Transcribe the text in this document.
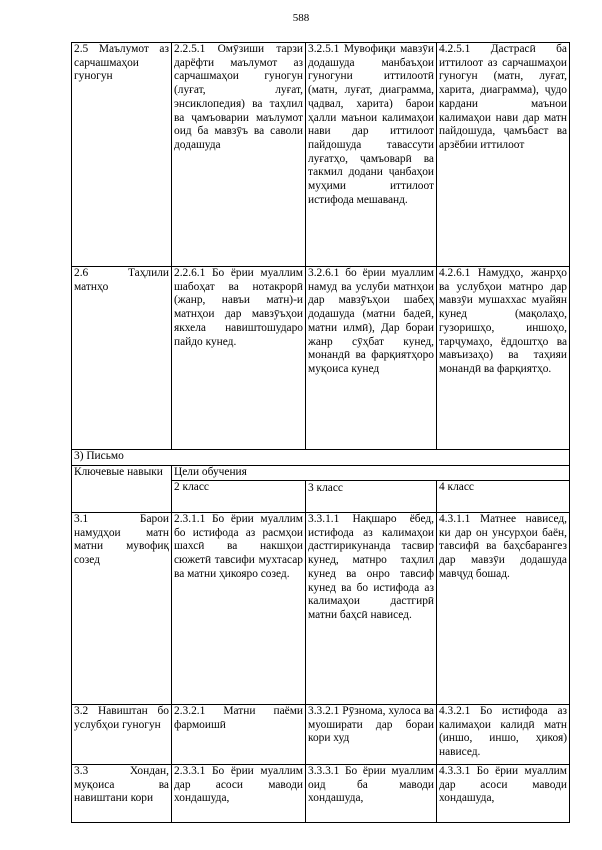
588
2.5 Маълумот аз сарчашмаҳои гуногун	2.2.5.1 Омӯзиши тарзи дарёфти маълумот аз сарчашмаҳои гуногун (луғат, луғат, энсиклопедия) ва таҳлил ва ҷамъоварии маълумот оид ба мавзӯъ ва саволи додашуда	3.2.5.1 Мувофиқи мавзӯи додашуда манбаъҳои гуногуни иттилоотӣ (матн, луғат, диаграмма, ҷадвал, харита) барои ҳалли маънои калимаҳои нави дар иттилоот пайдошуда тавассути луғатҳо, ҷамъоварӣ ва такмил додани ҷанбаҳои муҳими иттилоот истифода мешаванд.	4.2.5.1 Дастрасӣ ба иттилоот аз сарчашмаҳои гуногун (матн, луғат, харита, диаграмма), ҷудо кардани маънои калимаҳои нави дар матн пайдошуда, ҷамъбаст ва арзёбии иттилоот
2.6 Таҳлили матнҳо	2.2.6.1 Бо ёрии муаллим шабоҳат ва нотакрорӣ (жанр, навъи матн)-и матнҳои дар мавзӯъҳои якхела навиштошударо пайдо кунед.	3.2.6.1 бо ёрии муаллим намуд ва услуби матнҳои дар мавзӯъҳои шабеҳ додашуда (матни бадеӣ, матни илмӣ), Дар бораи жанр сӯҳбат кунед, монандӣ ва фарқиятҳоро муқоиса кунед	4.2.6.1 Намудҳо, жанрҳо ва услубҳои матнро дар мавзӯи мушаххас муайян кунед (мақолаҳо, гузоришҳо, иншоҳо, тарҷумаҳо, ёддоштҳо ва мавъизаҳо) ва таҳияи монандӣ ва фарқиятҳо.
3) Письмо			
Ключевые навыки	Цели обучения		
	2 класс	3 класс	4 класс
3.1 Барои намудҳои матн матни мувофиқ созед	2.3.1.1 Бо ёрии муаллим бо истифода аз расмҳои шахсӣ ва накшҳои сюжетӣ тавсифи мухтасар ва матни ҳикояро созед.	3.3.1.1 Нақшаро ёбед, истифода аз калимаҳои дастгирикунанда тасвир кунед, матнро таҳлил кунед ва онро тавсиф кунед ва бо истифода аз калимаҳои дастгирӣ матни баҳсӣ нависед.	4.3.1.1 Матнее нависед, ки дар он унсурҳои баён, тавсифӣ ва баҳсбарангез дар мавзӯи додашуда мавҷуд бошад.
3.2 Навиштан бо услубҳои гуногун	2.3.2.1 Матни паёми фармоишӣ	3.3.2.1 Рӯзнома, хулоса ва муоширати дар бораи кори худ	4.3.2.1 Бо истифода аз калимаҳои калидӣ матн (иншо, иншо, ҳикоя) нависед.
3.3 Хондан, муқоиса ва навиштани кори	2.3.3.1 Бо ёрии муаллим дар асоси маводи хондашуда,	3.3.3.1 Бо ёрии муаллим оид ба маводи хондашуда,	4.3.3.1 Бо ёрии муаллим дар асоси маводи хондашуда,
